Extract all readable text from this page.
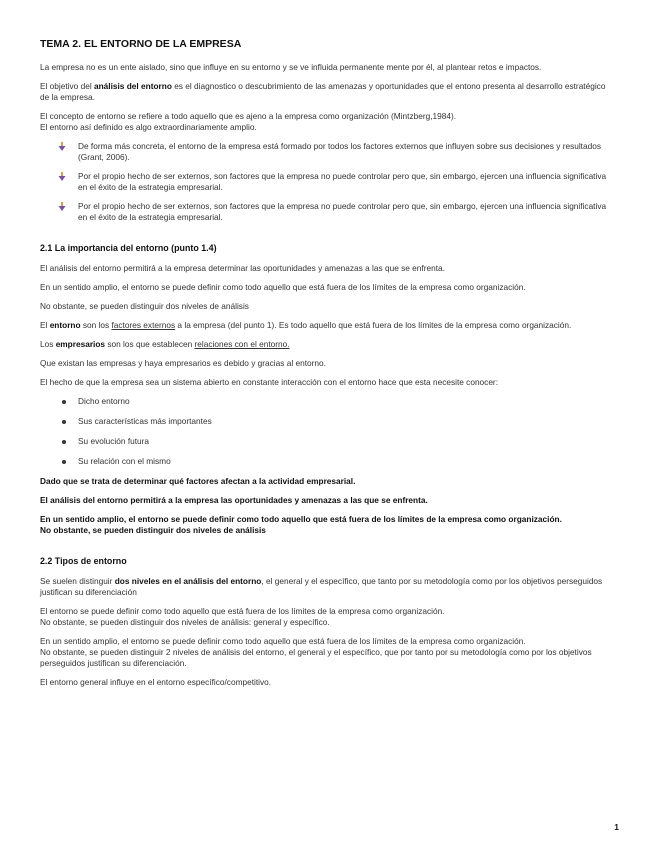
TEMA 2. EL ENTORNO DE LA EMPRESA

La empresa no es un ente aislado, sino que influye en su entorno y se ve influida permanente mente por él, al plantear retos e impactos.

El objetivo del análisis del entorno es el diagnostico o descubrimiento de las amenazas y oportunidades que el entono presenta al desarrollo estratégico de la empresa.

El concepto de entorno se refiere a todo aquello que es ajeno a la empresa como organización (Mintzberg,1984).
El entorno así definido es algo extraordinariamente amplio.

De forma más concreta, el entorno de la empresa está formado por todos los factores externos que influyen sobre sus decisiones y resultados (Grant, 2006).
Por el propio hecho de ser externos, son factores que la empresa no puede controlar pero que, sin embargo, ejercen una influencia significativa en el éxito de la estrategia empresarial.
Por el propio hecho de ser externos, son factores que la empresa no puede controlar pero que, sin embargo, ejercen una influencia significativa en el éxito de la estrategia empresarial.
2.1 La importancia del entorno (punto 1.4)

El análisis del entorno permitirá a la empresa determinar las oportunidades y amenazas a las que se enfrenta.

En un sentido amplio, el entorno se puede definir como todo aquello que está fuera de los límites de la empresa como organización.

No obstante, se pueden distinguir dos niveles de análisis

El entorno son los factores externos a la empresa (del punto 1). Es todo aquello que está fuera de los límites de la empresa como organización.

Los empresarios son los que establecen relaciones con el entorno.

Que existan las empresas y haya empresarios es debido y gracias al entorno.

El hecho de que la empresa sea un sistema abierto en constante interacción con el entorno hace que esta necesite conocer:

Dicho entorno
Sus características más importantes
Su evolución futura
Su relación con el mismo

Dado que se trata de determinar qué factores afectan a la actividad empresarial.

El análisis del entorno permitirá a la empresa las oportunidades y amenazas a las que se enfrenta.

En un sentido amplio, el entorno se puede definir como todo aquello que está fuera de los límites de la empresa como organización.
No obstante, se pueden distinguir dos niveles de análisis

2.2 Tipos de entorno

Se suelen distinguir dos niveles en el análisis del entorno, el general y el específico, que tanto por su metodología como por los objetivos perseguidos justifican su diferenciación

El entorno se puede definir como todo aquello que está fuera de los límites de la empresa como organización.
No obstante, se pueden distinguir dos niveles de análisis: general y específico.

En un sentido amplio, el entorno se puede definir como todo aquello que está fuera de los límites de la empresa como organización.
No obstante, se pueden distinguir 2 niveles de análisis del entorno, el general y el específico, que por tanto por su metodología como por los objetivos perseguidos justifican su diferenciación.

El entorno general influye en el entorno específico/competitivo.

1
